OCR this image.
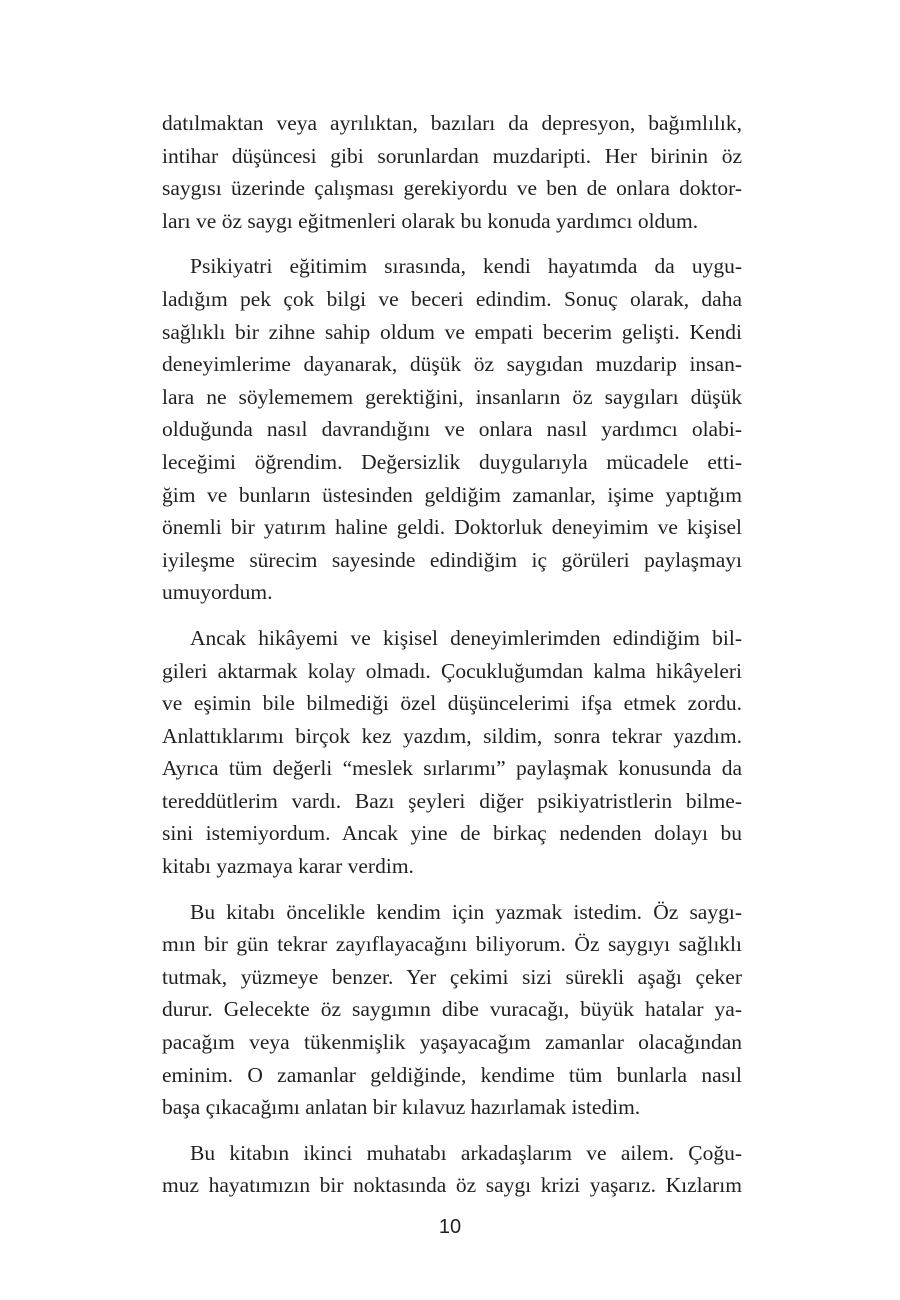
datılmaktan veya ayrılıktan, bazıları da depresyon, bağımlılık,
intihar düşüncesi gibi sorunlardan muzdaripti. Her birinin öz
saygısı üzerinde çalışması gerekiyordu ve ben de onlara doktor-
ları ve öz saygı eğitmenleri olarak bu konuda yardımcı oldum.

Psikiyatri eğitimim sırasında, kendi hayatımda da uygu-
ladığım pek çok bilgi ve beceri edindim. Sonuç olarak, daha
sağlıklı bir zihne sahip oldum ve empati becerim gelişti. Kendi
deneyimlerime dayanarak, düşük öz saygıdan muzdarip insan-
lara ne söylememem gerektiğini, insanların öz saygıları düşük
olduğunda nasıl davrandığını ve onlara nasıl yardımcı olabi-
leceğimi öğrendim. Değersizlik duygularıyla mücadele etti-
ğim ve bunların üstesinden geldiğim zamanlar, işime yaptığım
önemli bir yatırım haline geldi. Doktorluk deneyimim ve kişisel
iyileşme sürecim sayesinde edindiğim iç görüleri paylaşmayı
umuyordum.

Ancak hikâyemi ve kişisel deneyimlerimden edindiğim bil-
gileri aktarmak kolay olmadı. Çocukluğumdan kalma hikâyeleri
ve eşimin bile bilmediği özel düşüncelerimi ifşa etmek zordu.
Anlattıklarımı birçok kez yazdım, sildim, sonra tekrar yazdım.
Ayrıca tüm değerli “meslek sırlarımı” paylaşmak konusunda da
tereddütlerim vardı. Bazı şeyleri diğer psikiyatristlerin bilme-
sini istemiyordum. Ancak yine de birkaç nedenden dolayı bu
kitabı yazmaya karar verdim.

Bu kitabı öncelikle kendim için yazmak istedim. Öz saygı-
mın bir gün tekrar zayıflayacağını biliyorum. Öz saygıyı sağlıklı
tutmak, yüzmeye benzer. Yer çekimi sizi sürekli aşağı çeker
durur. Gelecekte öz saygımın dibe vuracağı, büyük hatalar ya-
pacağım veya tükenmişlik yaşayacağım zamanlar olacağından
eminim. O zamanlar geldiğinde, kendime tüm bunlarla nasıl
başa çıkacağımı anlatan bir kılavuz hazırlamak istedim.

Bu kitabın ikinci muhatabı arkadaşlarım ve ailem. Çoğu-
muz hayatımızın bir noktasında öz saygı krizi yaşarız. Kızlarım

10
